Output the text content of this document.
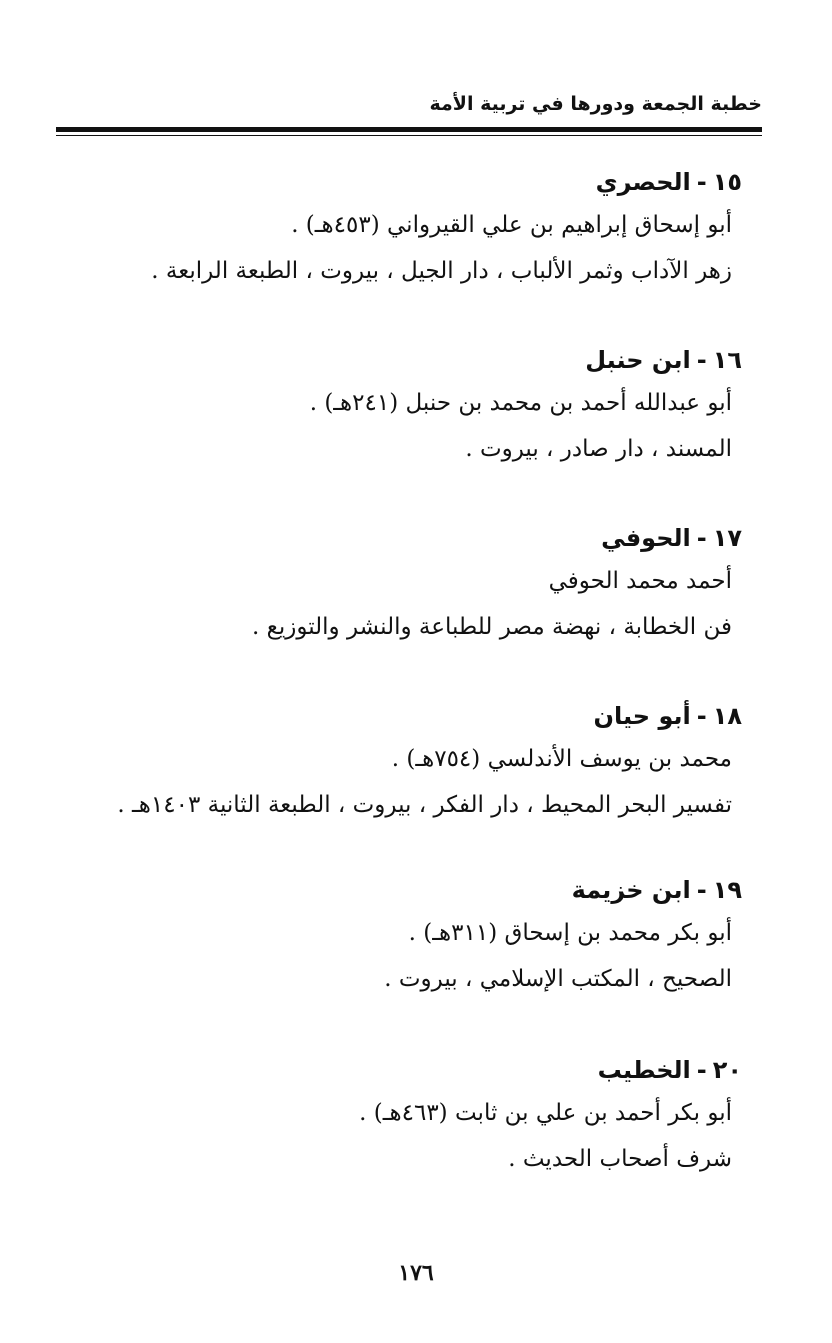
خطبة الجمعة ودورها في تربية الأمة
١٥-الحصري
أبو إسحاق إبراهيم بن علي القيرواني (٤٥٣هـ) .
زهر الآداب وثمر الألباب ، دار الجيل ، بيروت ، الطبعة الرابعة .
١٦-ابن حنبل
أبو عبدالله أحمد بن محمد بن حنبل (٢٤١هـ) .
المسند ، دار صادر ، بيروت .
١٧-الحوفي
أحمد محمد الحوفي
فن الخطابة ، نهضة مصر للطباعة والنشر والتوزيع .
١٨-أبو حيان
محمد بن يوسف الأندلسي (٧٥٤هـ) .
تفسير البحر المحيط ، دار الفكر ، بيروت ، الطبعة الثانية ١٤٠٣هـ .
١٩-ابن خزيمة
أبو بكر محمد بن إسحاق (٣١١هـ) .
الصحيح ، المكتب الإسلامي ، بيروت .
٢٠-الخطيب
أبو بكر أحمد بن علي بن ثابت (٤٦٣هـ) .
شرف أصحاب الحديث .
١٧٦
